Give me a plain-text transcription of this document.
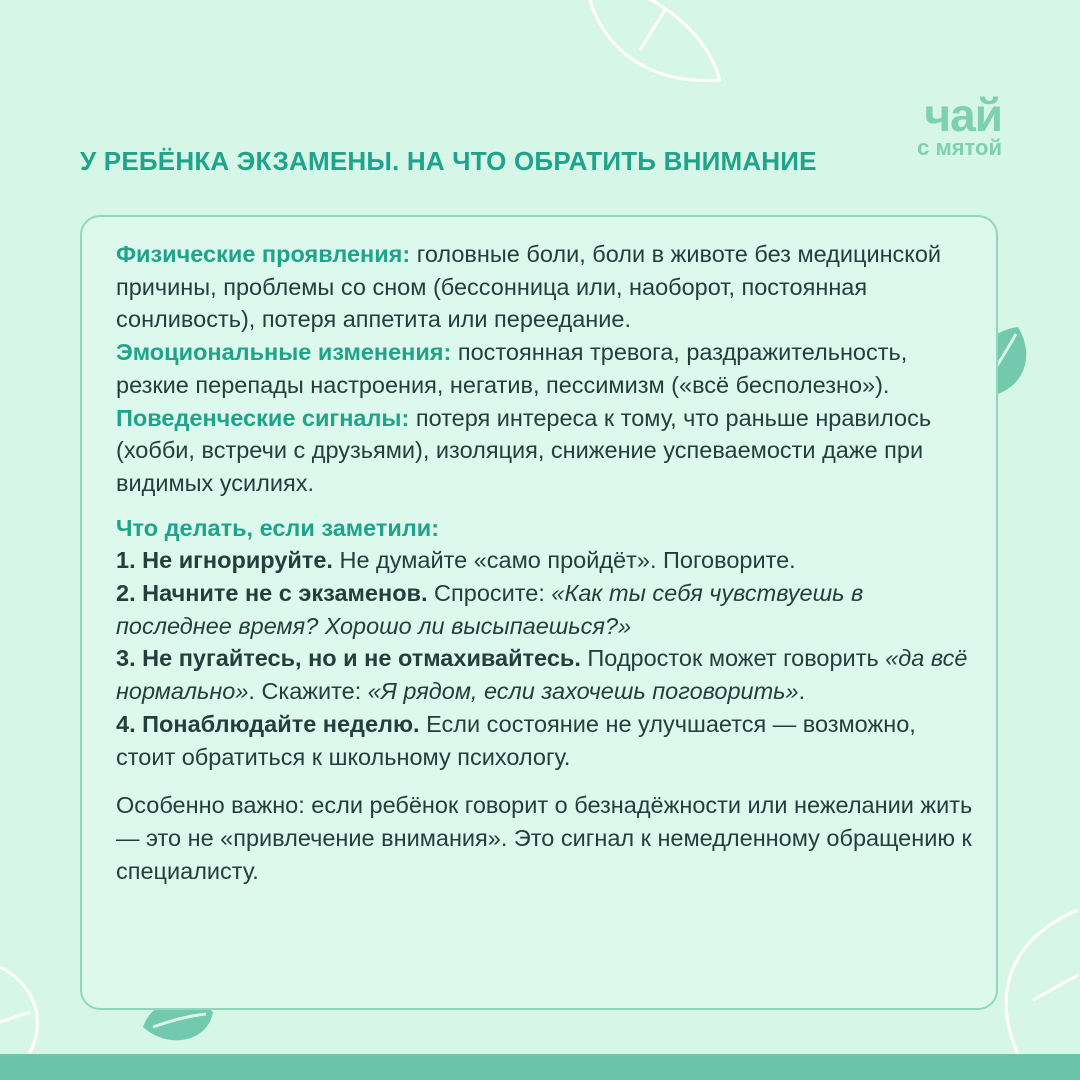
чай
с мятой
У РЕБЁНКА ЭКЗАМЕНЫ. НА ЧТО ОБРАТИТЬ ВНИМАНИЕ

Физические проявления: головные боли, боли в животе без медицинской причины, проблемы со сном (бессонница или, наоборот, постоянная сонливость), потеря аппетита или переедание.

Эмоциональные изменения: постоянная тревога, раздражительность, резкие перепады настроения, негатив, пессимизм («всё бесполезно»).

Поведенческие сигналы: потеря интереса к тому, что раньше нравилось (хобби, встречи с друзьями), изоляция, снижение успеваемости даже при видимых усилиях.

Что делать, если заметили:

1. Не игнорируйте. Не думайте «само пройдёт». Поговорите.

2. Начните не с экзаменов. Спросите: «Как ты себя чувствуешь в последнее время? Хорошо ли высыпаешься?»

3. Не пугайтесь, но и не отмахивайтесь. Подросток может говорить «да всё нормально». Скажите: «Я рядом, если захочешь поговорить».

4. Понаблюдайте неделю. Если состояние не улучшается — возможно, стоит обратиться к школьному психологу.

Особенно важно: если ребёнок говорит о безнадёжности или нежелании жить — это не «привлечение внимания». Это сигнал к немедленному обращению к специалисту.
